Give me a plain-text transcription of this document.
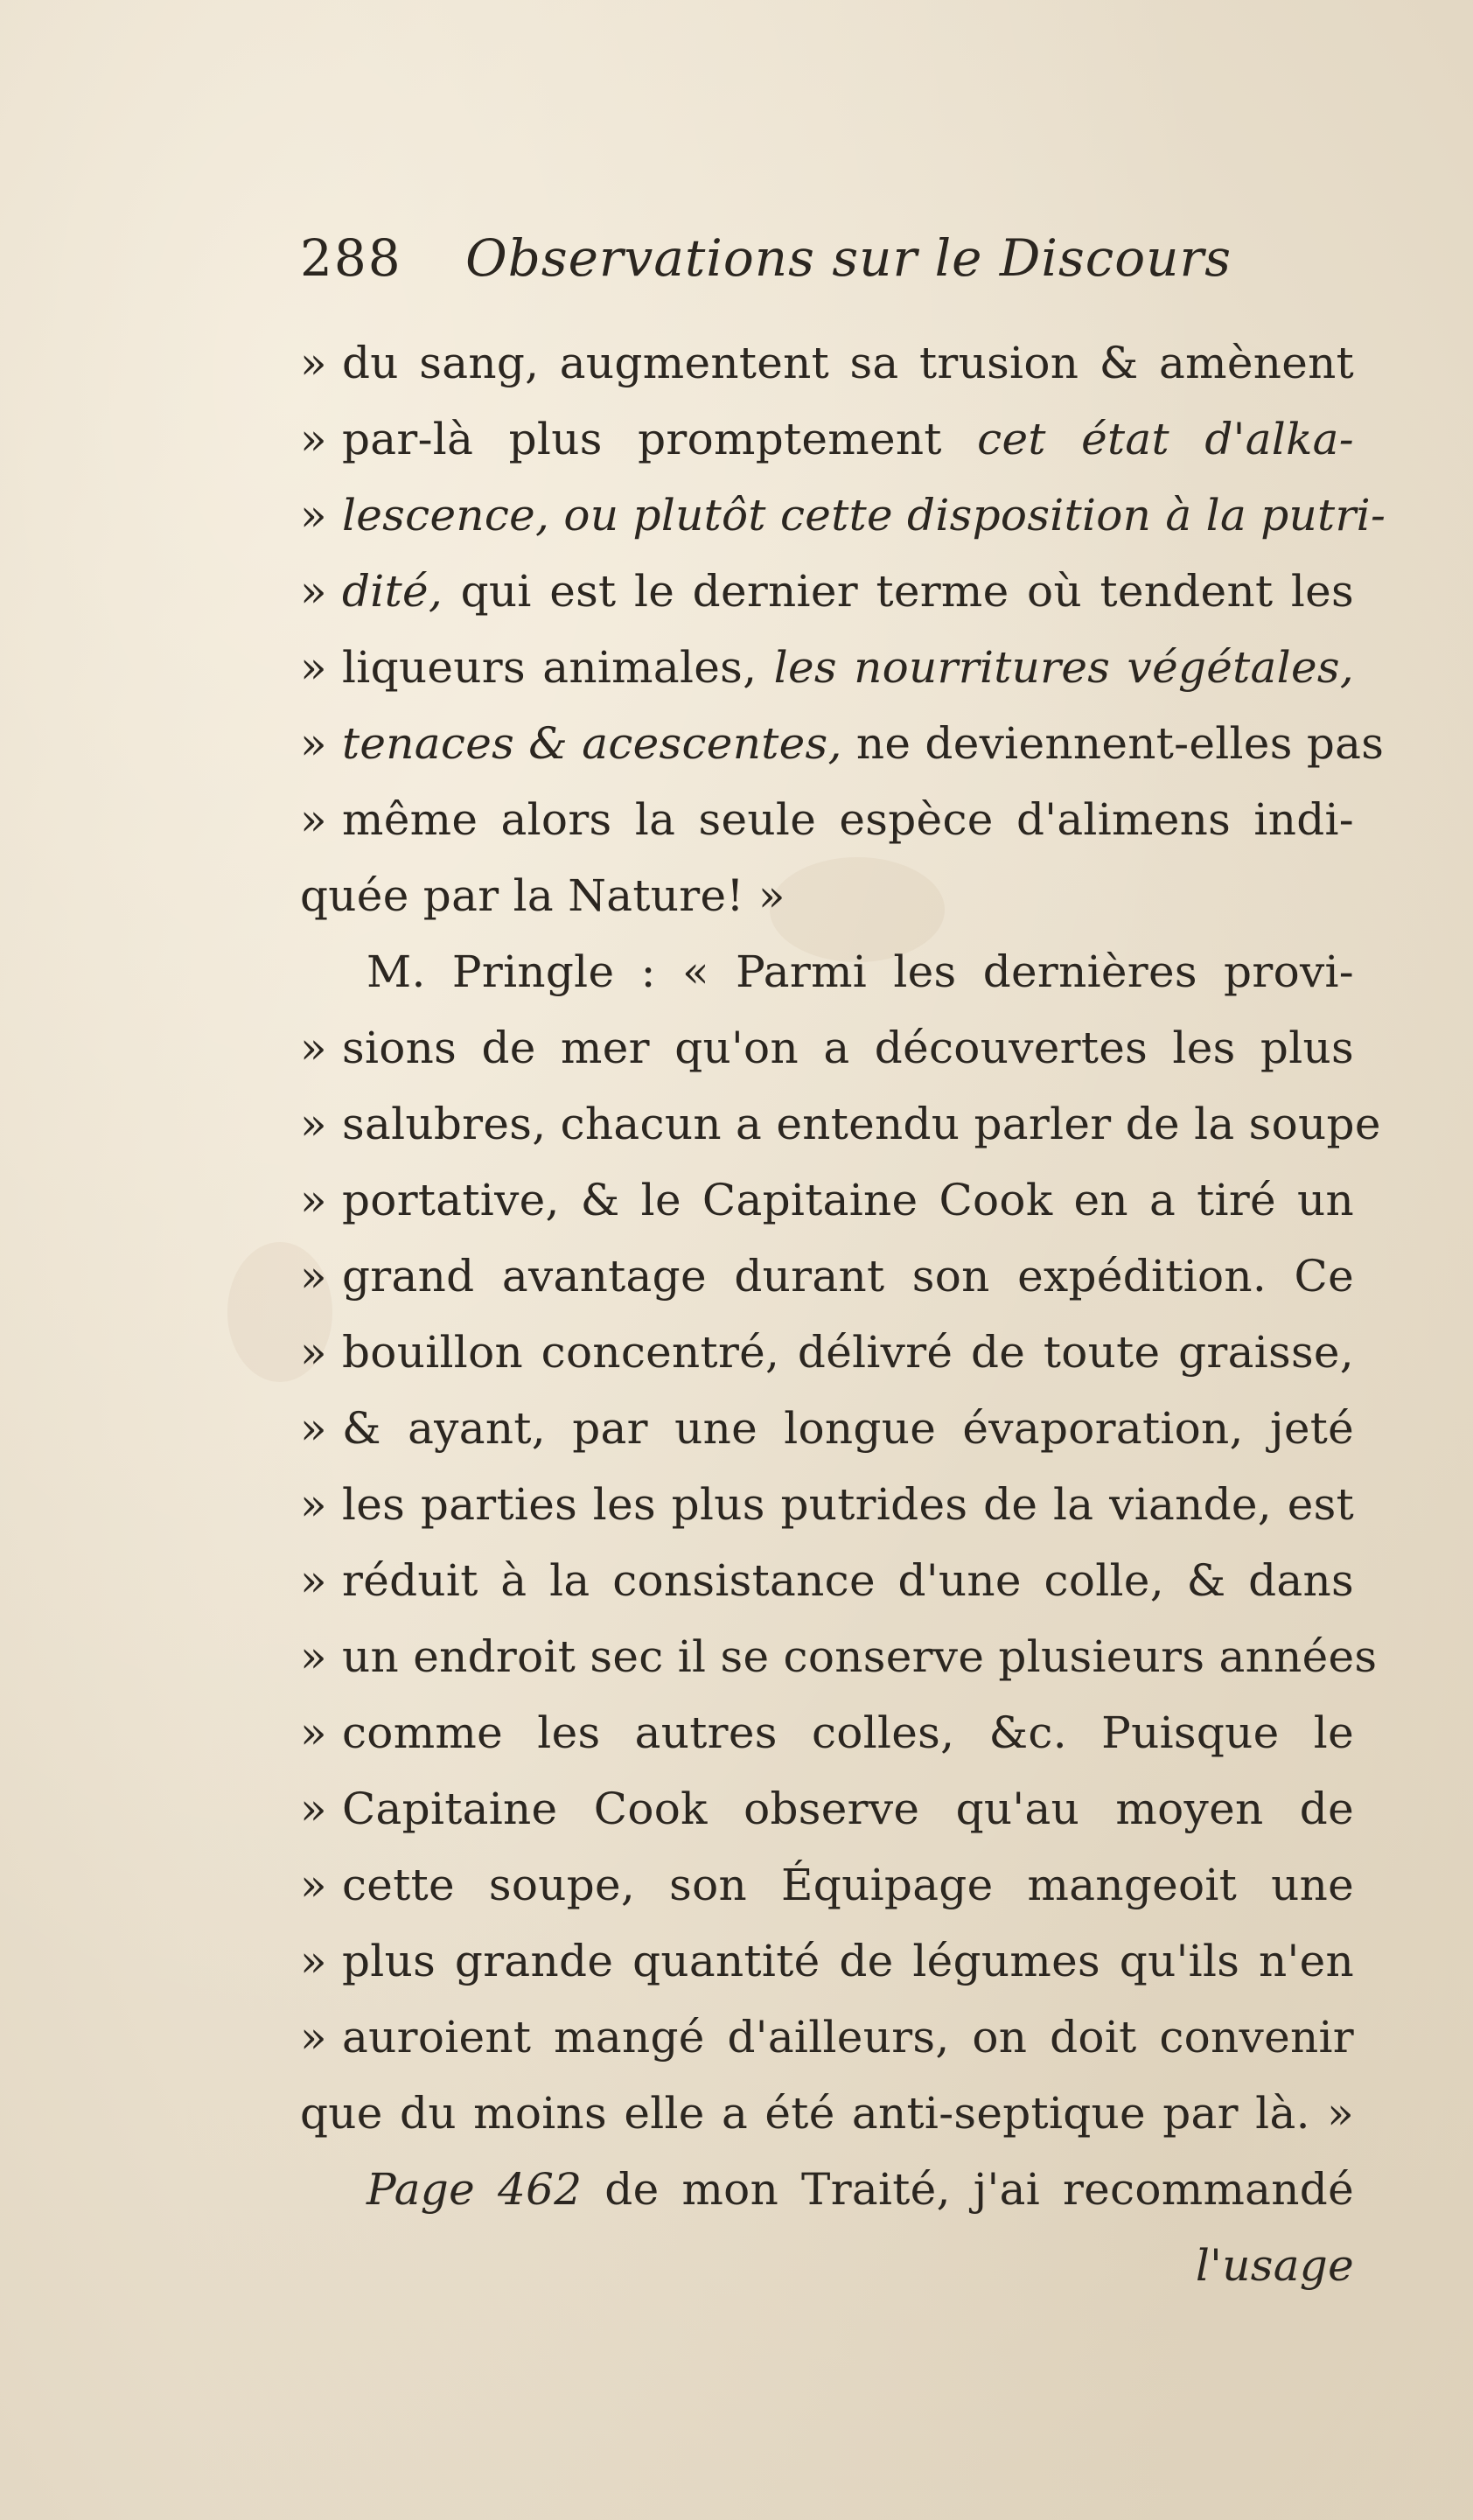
288 Observations sur le Discours
» du sang, augmentent sa trusion & amènent
» par-là plus promptement cet état d'alka-
» lescence, ou plutôt cette disposition à la putri-
» dité, qui est le dernier terme où tendent les
» liqueurs animales, les nourritures végétales,
» tenaces & acescentes, ne deviennent-elles pas
» même alors la seule espèce d'alimens indi-
quée par la Nature! »
M. Pringle : « Parmi les dernières provi-
» sions de mer qu'on a découvertes les plus
» salubres, chacun a entendu parler de la soupe
» portative, & le Capitaine Cook en a tiré un
» grand avantage durant son expédition. Ce
» bouillon concentré, délivré de toute graisse,
» & ayant, par une longue évaporation, jeté
» les parties les plus putrides de la viande, est
» réduit à la consistance d'une colle, & dans
» un endroit sec il se conserve plusieurs années
» comme les autres colles, &c. Puisque le
» Capitaine Cook observe qu'au moyen de
» cette soupe, son Équipage mangeoit une
» plus grande quantité de légumes qu'ils n'en
» auroient mangé d'ailleurs, on doit convenir
que du moins elle a été anti-septique par là. »
Page 462 de mon Traité, j'ai recommandé
l'usage
